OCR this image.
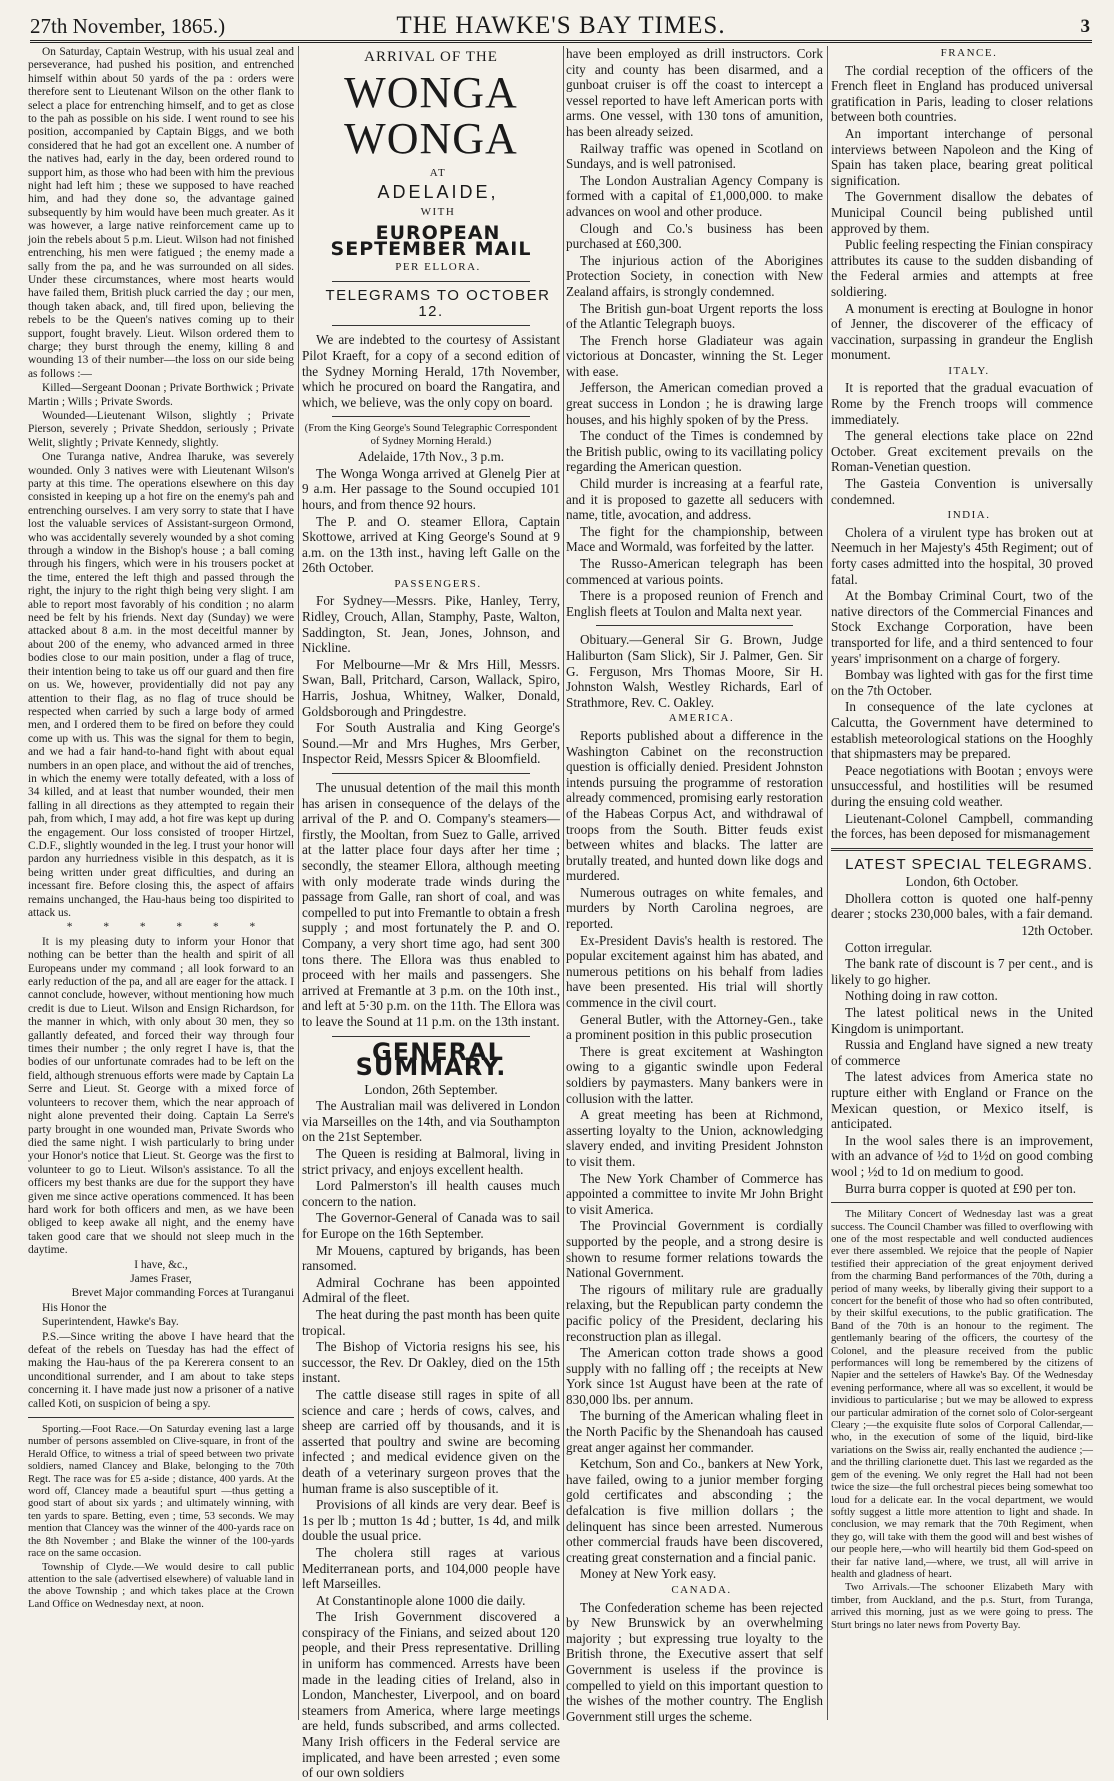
27th November, 1865.)	THE HAWKE'S BAY TIMES.	3

On Saturday, Captain Westrup, with his usual zeal and perseverance, had pushed his position, and entrenched himself within about 50 yards of the pa : orders were therefore sent to Lieutenant Wilson on the other flank to select a place for entrenching himself, and to get as close to the pah as possible on his side. I went round to see his position, accompanied by Captain Biggs, and we both considered that he had got an excellent one. A number of the natives had, early in the day, been ordered round to support him, as those who had been with him the previous night had left him ; these we supposed to have reached him, and had they done so, the advantage gained subsequently by him would have been much greater. As it was however, a large native reinforcement came up to join the rebels about 5 p.m. Lieut. Wilson had not finished entrenching, his men were fatigued ; the enemy made a sally from the pa, and he was surrounded on all sides. Under these circumstances, where most hearts would have failed them, British pluck carried the day ; our men, though taken aback, and, till fired upon, believing the rebels to be the Queen's natives coming up to their support, fought bravely. Lieut. Wilson ordered them to charge; they burst through the enemy, killing 8 and wounding 13 of their number—the loss on our side being as follows :—

Killed—Sergeant Doonan ; Private Borthwick ; Private Martin ; Wills ; Private Swords.

Wounded—Lieutenant Wilson, slightly ; Private Pierson, severely ; Private Sheddon, seriously ; Private Welit, slightly ; Private Kennedy, slightly.

One Turanga native, Andrea Iharuke, was severely wounded. Only 3 natives were with Lieutenant Wilson's party at this time. The operations elsewhere on this day consisted in keeping up a hot fire on the enemy's pah and entrenching ourselves. I am very sorry to state that I have lost the valuable services of Assistant-surgeon Ormond, who was accidentally severely wounded by a shot coming through a window in the Bishop's house ; a ball coming through his fingers, which were in his trousers pocket at the time, entered the left thigh and passed through the right, the injury to the right thigh being very slight. I am able to report most favorably of his condition ; no alarm need be felt by his friends. Next day (Sunday) we were attacked about 8 a.m. in the most deceitful manner by about 200 of the enemy, who advanced armed in three bodies close to our main position, under a flag of truce, their intention being to take us off our guard and then fire on us. We, however, providentially did not pay any attention to their flag, as no flag of truce should be respected when carried by such a large body of armed men, and I ordered them to be fired on before they could come up with us. This was the signal for them to begin, and we had a fair hand-to-hand fight with about equal numbers in an open place, and without the aid of trenches, in which the enemy were totally defeated, with a loss of 34 killed, and at least that number wounded, their men falling in all directions as they attempted to regain their pah, from which, I may add, a hot fire was kept up during the engagement. Our loss consisted of trooper Hirtzel, C.D.F., slightly wounded in the leg. I trust your honor will pardon any hurriedness visible in this despatch, as it is being written under great difficulties, and during an incessant fire. Before closing this, the aspect of affairs remains unchanged, the Hau-haus being too dispirited to attack us.

* * * * * *

It is my pleasing duty to inform your Honor that nothing can be better than the health and spirit of all Europeans under my command ; all look forward to an early reduction of the pa, and all are eager for the attack. I cannot conclude, however, without mentioning how much credit is due to Lieut. Wilson and Ensign Richardson, for the manner in which, with only about 30 men, they so gallantly defeated, and forced their way through four times their number ; the only regret I have is, that the bodies of our unfortunate comrades had to be left on the field, although strenuous efforts were made by Captain La Serre and Lieut. St. George with a mixed force of volunteers to recover them, which the near approach of night alone prevented their doing. Captain La Serre's party brought in one wounded man, Private Swords who died the same night. I wish particularly to bring under your Honor's notice that Lieut. St. George was the first to volunteer to go to Lieut. Wilson's assistance. To all the officers my best thanks are due for the support they have given me since active operations commenced. It has been hard work for both officers and men, as we have been obliged to keep awake all night, and the enemy have taken good care that we should not sleep much in the daytime.

I have, &c.,

James Fraser,

Brevet Major commanding Forces at Turanganui

His Honor the

Superintendent, Hawke's Bay.

P.S.—Since writing the above I have heard that the defeat of the rebels on Tuesday has had the effect of making the Hau-haus of the pa Kererera consent to an unconditional surrender, and I am about to take steps concerning it. I have made just now a prisoner of a native called Koti, on suspicion of being a spy.

Sporting.—Foot Race.—On Saturday evening last a large number of persons assembled on Clive-square, in front of the Herald Office, to witness a trial of speed between two private soldiers, named Clancey and Blake, belonging to the 70th Regt. The race was for £5 a-side ; distance, 400 yards. At the word off, Clancey made a beautiful spurt —thus getting a good start of about six yards ; and ultimately winning, with ten yards to spare. Betting, even ; time, 53 seconds. We may mention that Clancey was the winner of the 400-yards race on the 8th November ; and Blake the winner of the 100-yards race on the same occasion.

Township of Clyde.—We would desire to call public attention to the sale (advertised elsewhere) of valuable land in the above Township ; and which takes place at the Crown Land Office on Wednesday next, at noon.

ARRIVAL OF THE

WONGA WONGA

AT

ADELAIDE,

WITH

EUROPEAN SEPTEMBER MAIL

PER ELLORA.

TELEGRAMS TO OCTOBER 12.

We are indebted to the courtesy of Assistant Pilot Kraeft, for a copy of a second edition of the Sydney Morning Herald, 17th November, which he procured on board the Rangatira, and which, we believe, was the only copy on board.

(From the King George's Sound Telegraphic Correspondent of Sydney Morning Herald.)

Adelaide, 17th Nov., 3 p.m.

The Wonga Wonga arrived at Glenelg Pier at 9 a.m. Her passage to the Sound occupied 101 hours, and from thence 92 hours.

The P. and O. steamer Ellora, Captain Skottowe, arrived at King George's Sound at 9 a.m. on the 13th inst., having left Galle on the 26th October.

PASSENGERS.

For Sydney—Messrs. Pike, Hanley, Terry, Ridley, Crouch, Allan, Stamphy, Paste, Walton, Saddington, St. Jean, Jones, Johnson, and Nickline.

For Melbourne—Mr & Mrs Hill, Messrs. Swan, Ball, Pritchard, Carson, Wallack, Spiro, Harris, Joshua, Whitney, Walker, Donald, Goldsborough and Pringdestre.

For South Australia and King George's Sound.—Mr and Mrs Hughes, Mrs Gerber, Inspector Reid, Messrs Spicer & Bloomfield.

The unusual detention of the mail this month has arisen in consequence of the delays of the arrival of the P. and O. Company's steamers—firstly, the Mooltan, from Suez to Galle, arrived at the latter place four days after her time ; secondly, the steamer Ellora, although meeting with only moderate trade winds during the passage from Galle, ran short of coal, and was compelled to put into Fremantle to obtain a fresh supply ; and most fortunately the P. and O. Company, a very short time ago, had sent 300 tons there. The Ellora was thus enabled to proceed with her mails and passengers. She arrived at Fremantle at 3 p.m. on the 10th inst., and left at 5·30 p.m. on the 11th. The Ellora was to leave the Sound at 11 p.m. on the 13th instant.

GENERAL SUMMARY.

London, 26th September.

The Australian mail was delivered in London via Marseilles on the 14th, and via Southampton on the 21st September.

The Queen is residing at Balmoral, living in strict privacy, and enjoys excellent health.

Lord Palmerston's ill health causes much concern to the nation.

The Governor-General of Canada was to sail for Europe on the 16th September.

Mr Mouens, captured by brigands, has been ransomed.

Admiral Cochrane has been appointed Admiral of the fleet.

The heat during the past month has been quite tropical.

The Bishop of Victoria resigns his see, his successor, the Rev. Dr Oakley, died on the 15th instant.

The cattle disease still rages in spite of all science and care ; herds of cows, calves, and sheep are carried off by thousands, and it is asserted that poultry and swine are becoming infected ; and medical evidence given on the death of a veterinary surgeon proves that the human frame is also susceptible of it.

Provisions of all kinds are very dear. Beef is 1s per lb ; mutton 1s 4d ; butter, 1s 4d, and milk double the usual price.

The cholera still rages at various Mediterranean ports, and 104,000 people have left Marseilles.

At Constantinople alone 1000 die daily.

The Irish Government discovered a conspiracy of the Finians, and seized about 120 people, and their Press representative. Drilling in uniform has commenced. Arrests have been made in the leading cities of Ireland, also in London, Manchester, Liverpool, and on board steamers from America, where large meetings are held, funds subscribed, and arms collected. Many Irish officers in the Federal service are implicated, and have been arrested ; even some of our own soldiers

have been employed as drill instructors. Cork city and county has been disarmed, and a gunboat cruiser is off the coast to intercept a vessel reported to have left American ports with arms. One vessel, with 130 tons of amunition, has been already seized.

Railway traffic was opened in Scotland on Sundays, and is well patronised.

The London Australian Agency Company is formed with a capital of £1,000,000. to make advances on wool and other produce.

Clough and Co.'s business has been purchased at £60,300.

The injurious action of the Aborigines Protection Society, in conection with New Zealand affairs, is strongly condemned.

The British gun-boat Urgent reports the loss of the Atlantic Telegraph buoys.

The French horse Gladiateur was again victorious at Doncaster, winning the St. Leger with ease.

Jefferson, the American comedian proved a great success in London ; he is drawing large houses, and his highly spoken of by the Press.

The conduct of the Times is condemned by the British public, owing to its vacillating policy regarding the American question.

Child murder is increasing at a fearful rate, and it is proposed to gazette all seducers with name, title, avocation, and address.

The fight for the championship, between Mace and Wormald, was forfeited by the latter.

The Russo-American telegraph has been commenced at various points.

There is a proposed reunion of French and English fleets at Toulon and Malta next year.

Obituary.—General Sir G. Brown, Judge Haliburton (Sam Slick), Sir J. Palmer, Gen. Sir G. Ferguson, Mrs Thomas Moore, Sir H. Johnston Walsh, Westley Richards, Earl of Strathmore, Rev. C. Oakley.

AMERICA.

Reports published about a difference in the Washington Cabinet on the reconstruction question is officially denied. President Johnston intends pursuing the programme of restoration already commenced, promising early restoration of the Habeas Corpus Act, and withdrawal of troops from the South. Bitter feuds exist between whites and blacks. The latter are brutally treated, and hunted down like dogs and murdered.

Numerous outrages on white females, and murders by North Carolina negroes, are reported.

Ex-President Davis's health is restored. The popular excitement against him has abated, and numerous petitions on his behalf from ladies have been presented. His trial will shortly commence in the civil court.

General Butler, with the Attorney-Gen., take a prominent position in this public prosecution

There is great excitement at Washington owing to a gigantic swindle upon Federal soldiers by paymasters. Many bankers were in collusion with the latter.

A great meeting has been at Richmond, asserting loyalty to the Union, acknowledging slavery ended, and inviting President Johnston to visit them.

The New York Chamber of Commerce has appointed a committee to invite Mr John Bright to visit America.

The Provincial Government is cordially supported by the people, and a strong desire is shown to resume former relations towards the National Government.

The rigours of military rule are gradually relaxing, but the Republican party condemn the pacific policy of the President, declaring his reconstruction plan as illegal.

The American cotton trade shows a good supply with no falling off ; the receipts at New York since 1st August have been at the rate of 830,000 lbs. per annum.

The burning of the American whaling fleet in the North Pacific by the Shenandoah has caused great anger against her commander.

Ketchum, Son and Co., bankers at New York, have failed, owing to a junior member forging gold certificates and absconding ; the defalcation is five million dollars ; the delinquent has since been arrested. Numerous other commercial frauds have been discovered, creating great consternation and a fincial panic.

Money at New York easy.

CANADA.

The Confederation scheme has been rejected by New Brunswick by an overwhelming majority ; but expressing true loyalty to the British throne, the Executive assert that self Government is useless if the province is compelled to yield on this important question to the wishes of the mother country. The English Government still urges the scheme.

FRANCE.

The cordial reception of the officers of the French fleet in England has produced universal gratification in Paris, leading to closer relations between both countries.

An important interchange of personal interviews between Napoleon and the King of Spain has taken place, bearing great political signification.

The Government disallow the debates of Municipal Council being published until approved by them.

Public feeling respecting the Finian conspiracy attributes its cause to the sudden disbanding of the Federal armies and attempts at free soldiering.

A monument is erecting at Boulogne in honor of Jenner, the discoverer of the efficacy of vaccination, surpassing in grandeur the English monument.

ITALY.

It is reported that the gradual evacuation of Rome by the French troops will commence immediately.

The general elections take place on 22nd October. Great excitement prevails on the Roman-Venetian question.

The Gasteia Convention is universally condemned.

INDIA.

Cholera of a virulent type has broken out at Neemuch in her Majesty's 45th Regiment; out of forty cases admitted into the hospital, 30 proved fatal.

At the Bombay Criminal Court, two of the native directors of the Commercial Finances and Stock Exchange Corporation, have been transported for life, and a third sentenced to four years' imprisonment on a charge of forgery.

Bombay was lighted with gas for the first time on the 7th October.

In consequence of the late cyclones at Calcutta, the Government have determined to establish meteorological stations on the Hooghly that shipmasters may be prepared.

Peace negotiations with Bootan ; envoys were unsuccessful, and hostilities will be resumed during the ensuing cold weather.

Lieutenant-Colonel Campbell, commanding the forces, has been deposed for mismanagement

LATEST SPECIAL TELEGRAMS.

London, 6th October.

Dhollera cotton is quoted one half-penny dearer ; stocks 230,000 bales, with a fair demand.

12th October.

Cotton irregular.

The bank rate of discount is 7 per cent., and is likely to go higher.

Nothing doing in raw cotton.

The latest political news in the United Kingdom is unimportant.

Russia and England have signed a new treaty of commerce

The latest advices from America state no rupture either with England or France on the Mexican question, or Mexico itself, is anticipated.

In the wool sales there is an improvement, with an advance of ½d to 1½d on good combing wool ; ½d to 1d on medium to good.

Burra burra copper is quoted at £90 per ton.

The Military Concert of Wednesday last was a great success. The Council Chamber was filled to overflowing with one of the most respectable and well conducted audiences ever there assembled. We rejoice that the people of Napier testified their appreciation of the great enjoyment derived from the charming Band performances of the 70th, during a period of many weeks, by liberally giving their support to a concert for the benefit of those who had so often contributed, by their skilful executions, to the public gratification. The Band of the 70th is an honour to the regiment. The gentlemanly bearing of the officers, the courtesy of the Colonel, and the pleasure received from the public performances will long be remembered by the citizens of Napier and the settelers of Hawke's Bay. Of the Wednesday evening performance, where all was so excellent, it would be invidious to particularise ; but we may be allowed to express our particular admiration of the cornet solo of Color-sergeant Cleary ;—the exquisite flute solos of Corporal Callendar,—who, in the execution of some of the liquid, bird-like variations on the Swiss air, really enchanted the audience ;—and the thrilling clarionette duet. This last we regarded as the gem of the evening. We only regret the Hall had not been twice the size—the full orchestral pieces being somewhat too loud for a delicate ear. In the vocal department, we would softly suggest a little more attention to light and shade. In conclusion, we may remark that the 70th Regiment, when they go, will take with them the good will and best wishes of our people here,—who will heartily bid them God-speed on their far native land,—where, we trust, all will arrive in health and gladness of heart.

Two Arrivals.—The schooner Elizabeth Mary with timber, from Auckland, and the p.s. Sturt, from Turanga, arrived this morning, just as we were going to press. The Sturt brings no later news from Poverty Bay.
